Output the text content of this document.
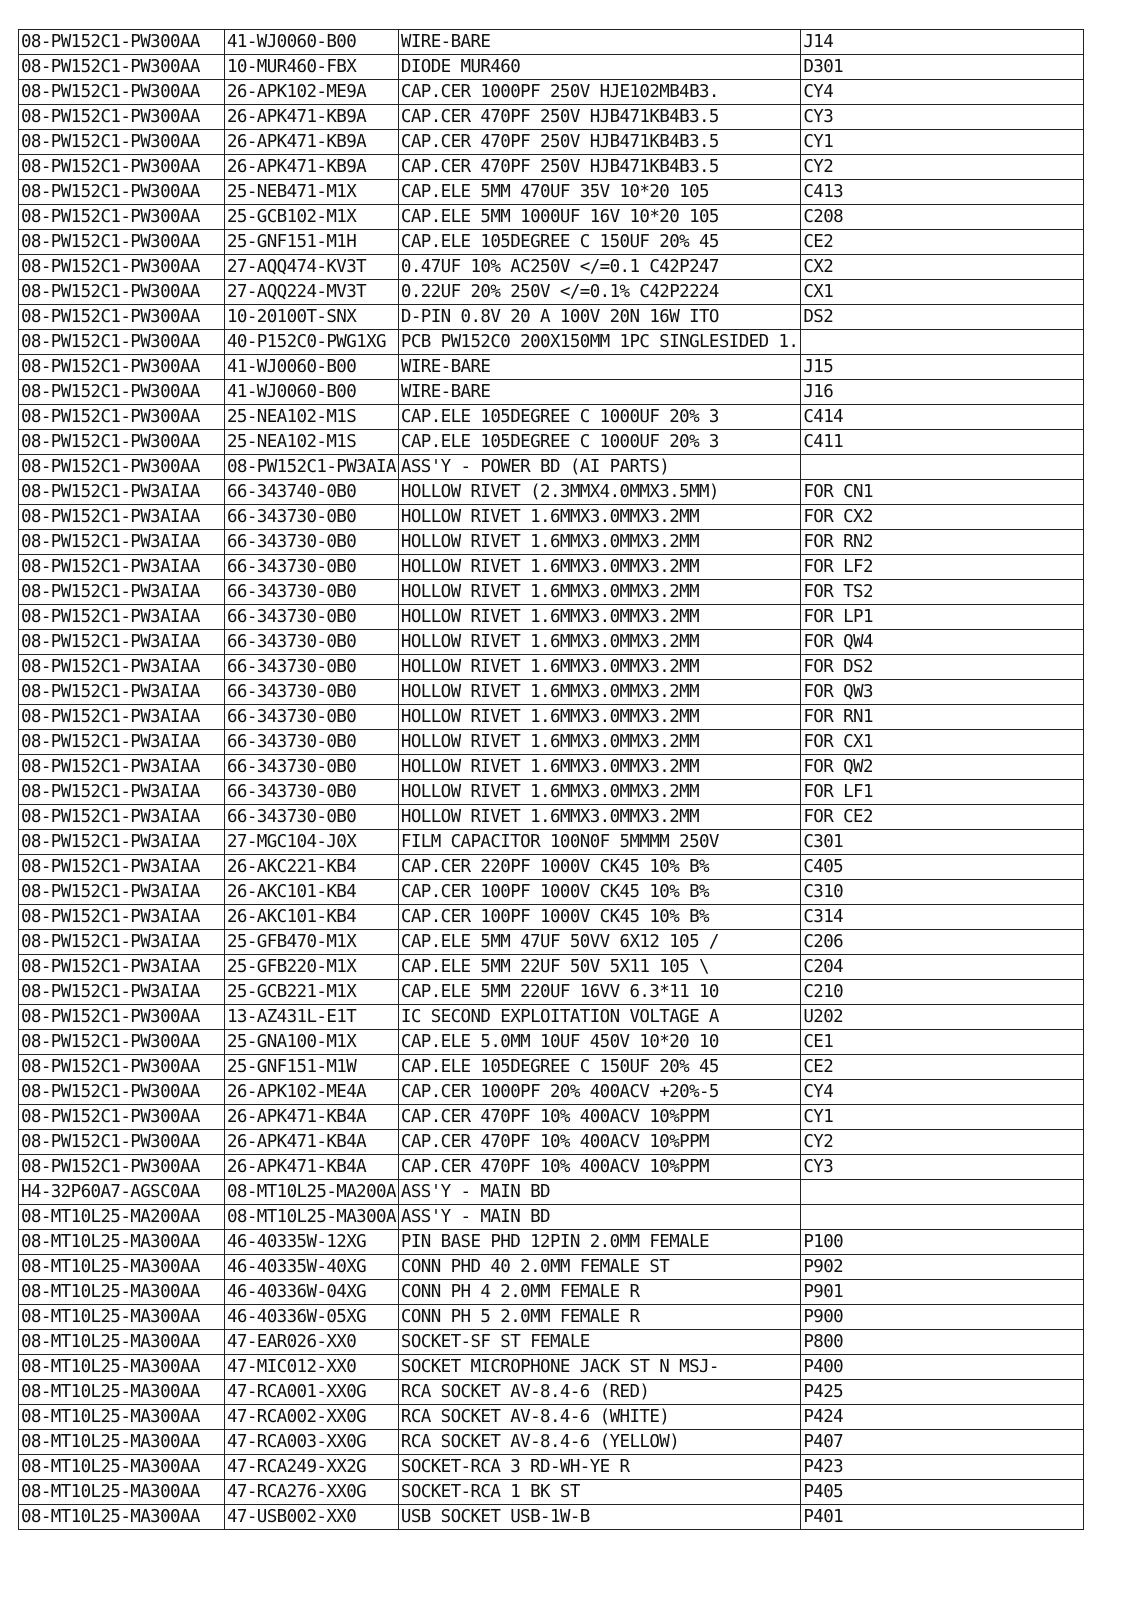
08-PW152C1-PW300AA	41-WJ0060-B00	WIRE-BARE	J14
08-PW152C1-PW300AA	10-MUR460-FBX	DIODE MUR460	D301
08-PW152C1-PW300AA	26-APK102-ME9A	CAP.CER 1000PF 250V HJE102MB4B3.	CY4
08-PW152C1-PW300AA	26-APK471-KB9A	CAP.CER 470PF 250V HJB471KB4B3.5	CY3
08-PW152C1-PW300AA	26-APK471-KB9A	CAP.CER 470PF 250V HJB471KB4B3.5	CY1
08-PW152C1-PW300AA	26-APK471-KB9A	CAP.CER 470PF 250V HJB471KB4B3.5	CY2
08-PW152C1-PW300AA	25-NEB471-M1X	CAP.ELE 5MM 470UF 35V 10*20 105	C413
08-PW152C1-PW300AA	25-GCB102-M1X	CAP.ELE 5MM 1000UF 16V 10*20 105	C208
08-PW152C1-PW300AA	25-GNF151-M1H	CAP.ELE 105DEGREE C 150UF 20% 45	CE2
08-PW152C1-PW300AA	27-AQQ474-KV3T	0.47UF 10% AC250V </=0.1 C42P247	CX2
08-PW152C1-PW300AA	27-AQQ224-MV3T	0.22UF 20% 250V </=0.1% C42P2224	CX1
08-PW152C1-PW300AA	10-20100T-SNX	D-PIN 0.8V 20 A 100V 20N 16W ITO	DS2
08-PW152C1-PW300AA	40-P152C0-PWG1XG	PCB PW152C0 200X150MM 1PC SINGLESIDED 1.	
08-PW152C1-PW300AA	41-WJ0060-B00	WIRE-BARE	J15
08-PW152C1-PW300AA	41-WJ0060-B00	WIRE-BARE	J16
08-PW152C1-PW300AA	25-NEA102-M1S	CAP.ELE 105DEGREE C 1000UF 20% 3	C414
08-PW152C1-PW300AA	25-NEA102-M1S	CAP.ELE 105DEGREE C 1000UF 20% 3	C411
08-PW152C1-PW300AA	08-PW152C1-PW3AIA	ASS'Y - POWER BD (AI PARTS)	
08-PW152C1-PW3AIAA	66-343740-0B0	HOLLOW RIVET (2.3MMX4.0MMX3.5MM)	FOR CN1
08-PW152C1-PW3AIAA	66-343730-0B0	HOLLOW RIVET 1.6MMX3.0MMX3.2MM	FOR CX2
08-PW152C1-PW3AIAA	66-343730-0B0	HOLLOW RIVET 1.6MMX3.0MMX3.2MM	FOR RN2
08-PW152C1-PW3AIAA	66-343730-0B0	HOLLOW RIVET 1.6MMX3.0MMX3.2MM	FOR LF2
08-PW152C1-PW3AIAA	66-343730-0B0	HOLLOW RIVET 1.6MMX3.0MMX3.2MM	FOR TS2
08-PW152C1-PW3AIAA	66-343730-0B0	HOLLOW RIVET 1.6MMX3.0MMX3.2MM	FOR LP1
08-PW152C1-PW3AIAA	66-343730-0B0	HOLLOW RIVET 1.6MMX3.0MMX3.2MM	FOR QW4
08-PW152C1-PW3AIAA	66-343730-0B0	HOLLOW RIVET 1.6MMX3.0MMX3.2MM	FOR DS2
08-PW152C1-PW3AIAA	66-343730-0B0	HOLLOW RIVET 1.6MMX3.0MMX3.2MM	FOR QW3
08-PW152C1-PW3AIAA	66-343730-0B0	HOLLOW RIVET 1.6MMX3.0MMX3.2MM	FOR RN1
08-PW152C1-PW3AIAA	66-343730-0B0	HOLLOW RIVET 1.6MMX3.0MMX3.2MM	FOR CX1
08-PW152C1-PW3AIAA	66-343730-0B0	HOLLOW RIVET 1.6MMX3.0MMX3.2MM	FOR QW2
08-PW152C1-PW3AIAA	66-343730-0B0	HOLLOW RIVET 1.6MMX3.0MMX3.2MM	FOR LF1
08-PW152C1-PW3AIAA	66-343730-0B0	HOLLOW RIVET 1.6MMX3.0MMX3.2MM	FOR CE2
08-PW152C1-PW3AIAA	27-MGC104-J0X	FILM CAPACITOR 100N0F 5MMMM 250V	C301
08-PW152C1-PW3AIAA	26-AKC221-KB4	CAP.CER 220PF 1000V CK45 10% B%	C405
08-PW152C1-PW3AIAA	26-AKC101-KB4	CAP.CER 100PF 1000V CK45 10% B%	C310
08-PW152C1-PW3AIAA	26-AKC101-KB4	CAP.CER 100PF 1000V CK45 10% B%	C314
08-PW152C1-PW3AIAA	25-GFB470-M1X	CAP.ELE 5MM 47UF 50VV 6X12 105 /	C206
08-PW152C1-PW3AIAA	25-GFB220-M1X	CAP.ELE 5MM 22UF 50V 5X11 105 \	C204
08-PW152C1-PW3AIAA	25-GCB221-M1X	CAP.ELE 5MM 220UF 16VV 6.3*11 10	C210
08-PW152C1-PW300AA	13-AZ431L-E1T	IC SECOND EXPLOITATION VOLTAGE A	U202
08-PW152C1-PW300AA	25-GNA100-M1X	CAP.ELE 5.0MM 10UF 450V 10*20 10	CE1
08-PW152C1-PW300AA	25-GNF151-M1W	CAP.ELE 105DEGREE C 150UF 20% 45	CE2
08-PW152C1-PW300AA	26-APK102-ME4A	CAP.CER 1000PF 20% 400ACV +20%-5	CY4
08-PW152C1-PW300AA	26-APK471-KB4A	CAP.CER 470PF 10% 400ACV 10%PPM	CY1
08-PW152C1-PW300AA	26-APK471-KB4A	CAP.CER 470PF 10% 400ACV 10%PPM	CY2
08-PW152C1-PW300AA	26-APK471-KB4A	CAP.CER 470PF 10% 400ACV 10%PPM	CY3
H4-32P60A7-AGSC0AA	08-MT10L25-MA200A	ASS'Y - MAIN BD	
08-MT10L25-MA200AA	08-MT10L25-MA300A	ASS'Y - MAIN BD	
08-MT10L25-MA300AA	46-40335W-12XG	PIN BASE PHD 12PIN 2.0MM FEMALE	P100
08-MT10L25-MA300AA	46-40335W-40XG	CONN PHD 40 2.0MM FEMALE ST	P902
08-MT10L25-MA300AA	46-40336W-04XG	CONN PH 4 2.0MM FEMALE R	P901
08-MT10L25-MA300AA	46-40336W-05XG	CONN PH 5 2.0MM FEMALE R	P900
08-MT10L25-MA300AA	47-EAR026-XX0	SOCKET-SF ST FEMALE	P800
08-MT10L25-MA300AA	47-MIC012-XX0	SOCKET MICROPHONE JACK ST N MSJ-	P400
08-MT10L25-MA300AA	47-RCA001-XX0G	RCA SOCKET AV-8.4-6 (RED)	P425
08-MT10L25-MA300AA	47-RCA002-XX0G	RCA SOCKET AV-8.4-6 (WHITE)	P424
08-MT10L25-MA300AA	47-RCA003-XX0G	RCA SOCKET AV-8.4-6 (YELLOW)	P407
08-MT10L25-MA300AA	47-RCA249-XX2G	SOCKET-RCA 3 RD-WH-YE R	P423
08-MT10L25-MA300AA	47-RCA276-XX0G	SOCKET-RCA 1 BK ST	P405
08-MT10L25-MA300AA	47-USB002-XX0	USB SOCKET USB-1W-B	P401
